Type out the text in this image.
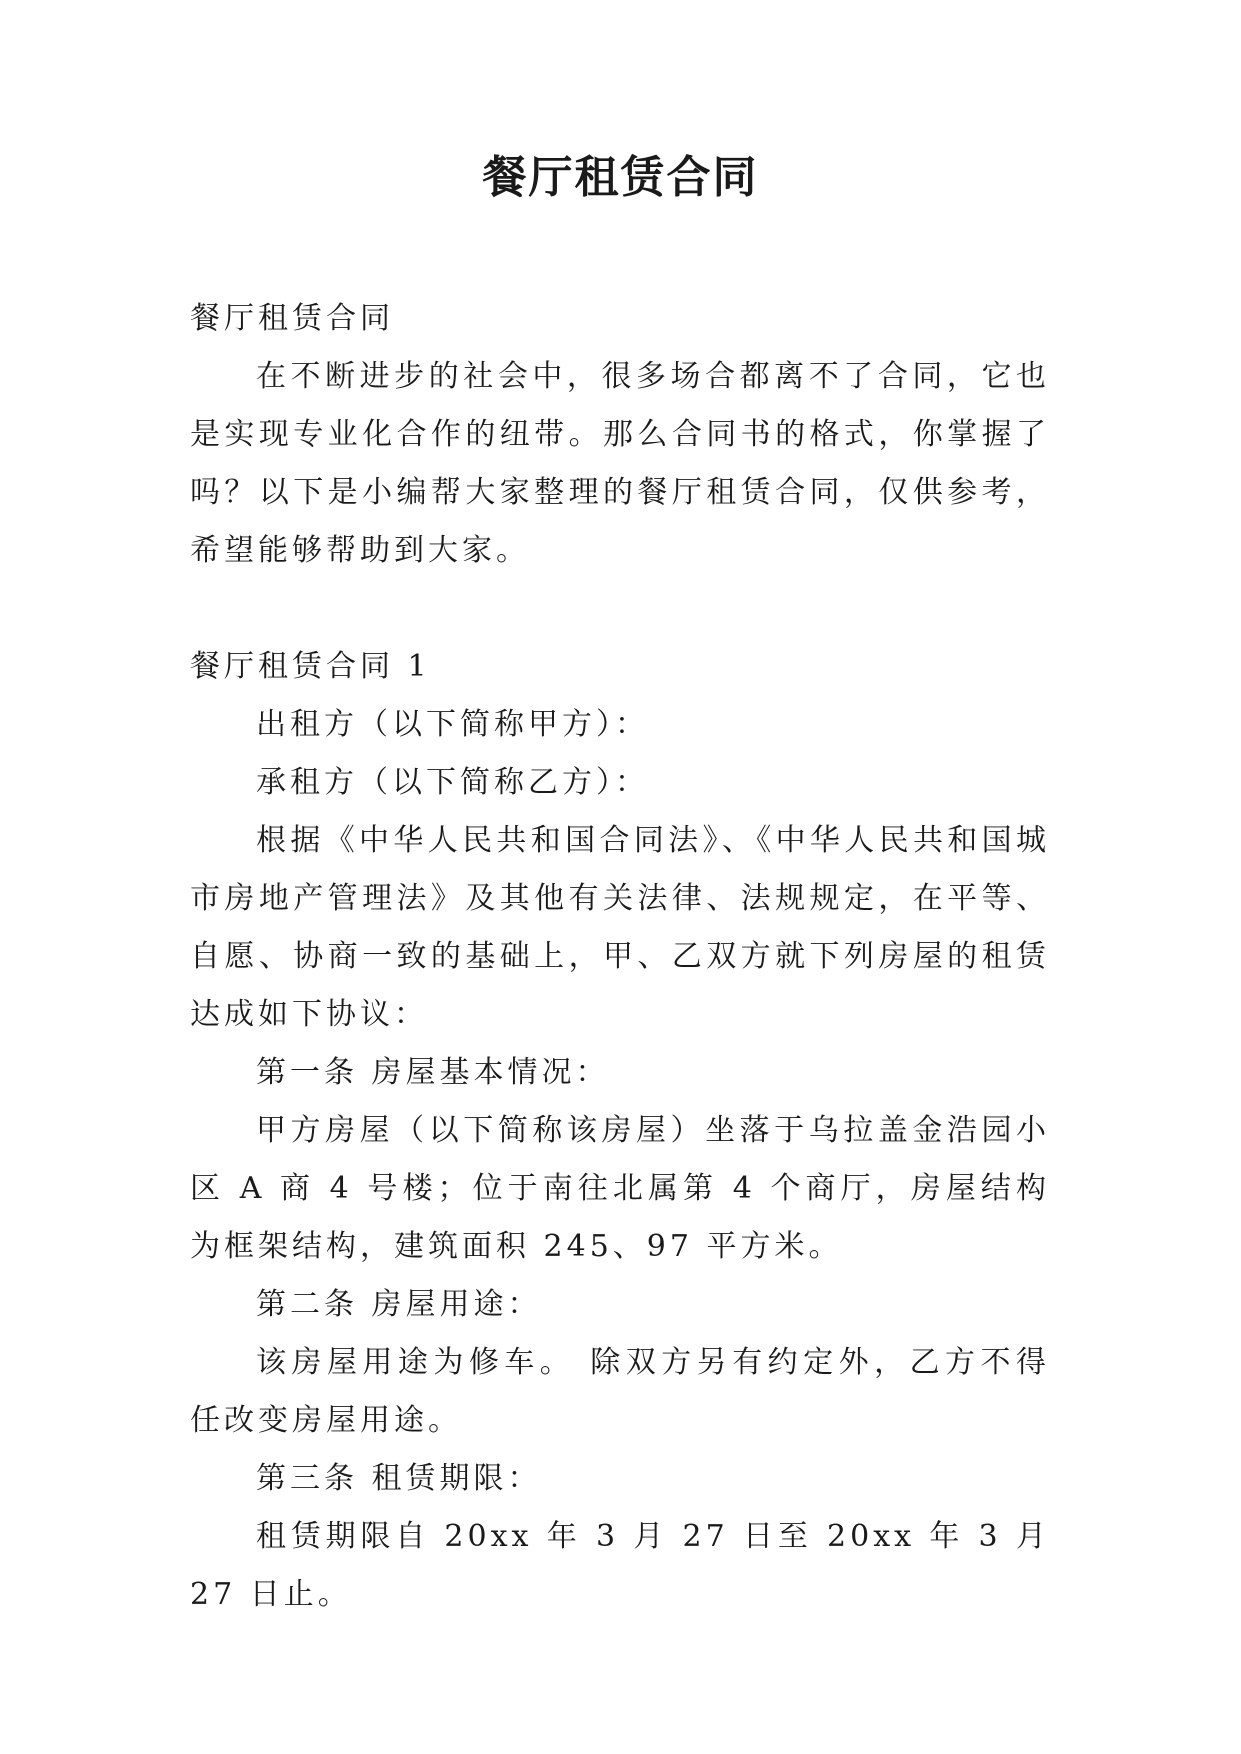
餐厅租赁合同

餐厅租赁合同

在不断进步的社会中，很多场合都离不了合同，它也是实现专业化合作的纽带。那么合同书的格式，你掌握了吗？以下是小编帮大家整理的餐厅租赁合同，仅供参考，希望能够帮助到大家。

餐厅租赁合同 1

出租方（以下简称甲方）：

承租方（以下简称乙方）：

根据《中华人民共和国合同法》、《中华人民共和国城市房地产管理法》及其他有关法律、法规规定，在平等、自愿、协商一致的基础上，甲、乙双方就下列房屋的租赁达成如下协议：

第一条 房屋基本情况：

甲方房屋（以下简称该房屋）坐落于乌拉盖金浩园小区 A 商 4 号楼；位于南往北属第 4 个商厅，房屋结构为框架结构，建筑面积 245、97 平方米。

第二条 房屋用途：

该房屋用途为修车。 除双方另有约定外，乙方不得任改变房屋用途。

第三条 租赁期限：

租赁期限自 20xx 年 3 月 27 日至 20xx 年 3 月 27 日止。
